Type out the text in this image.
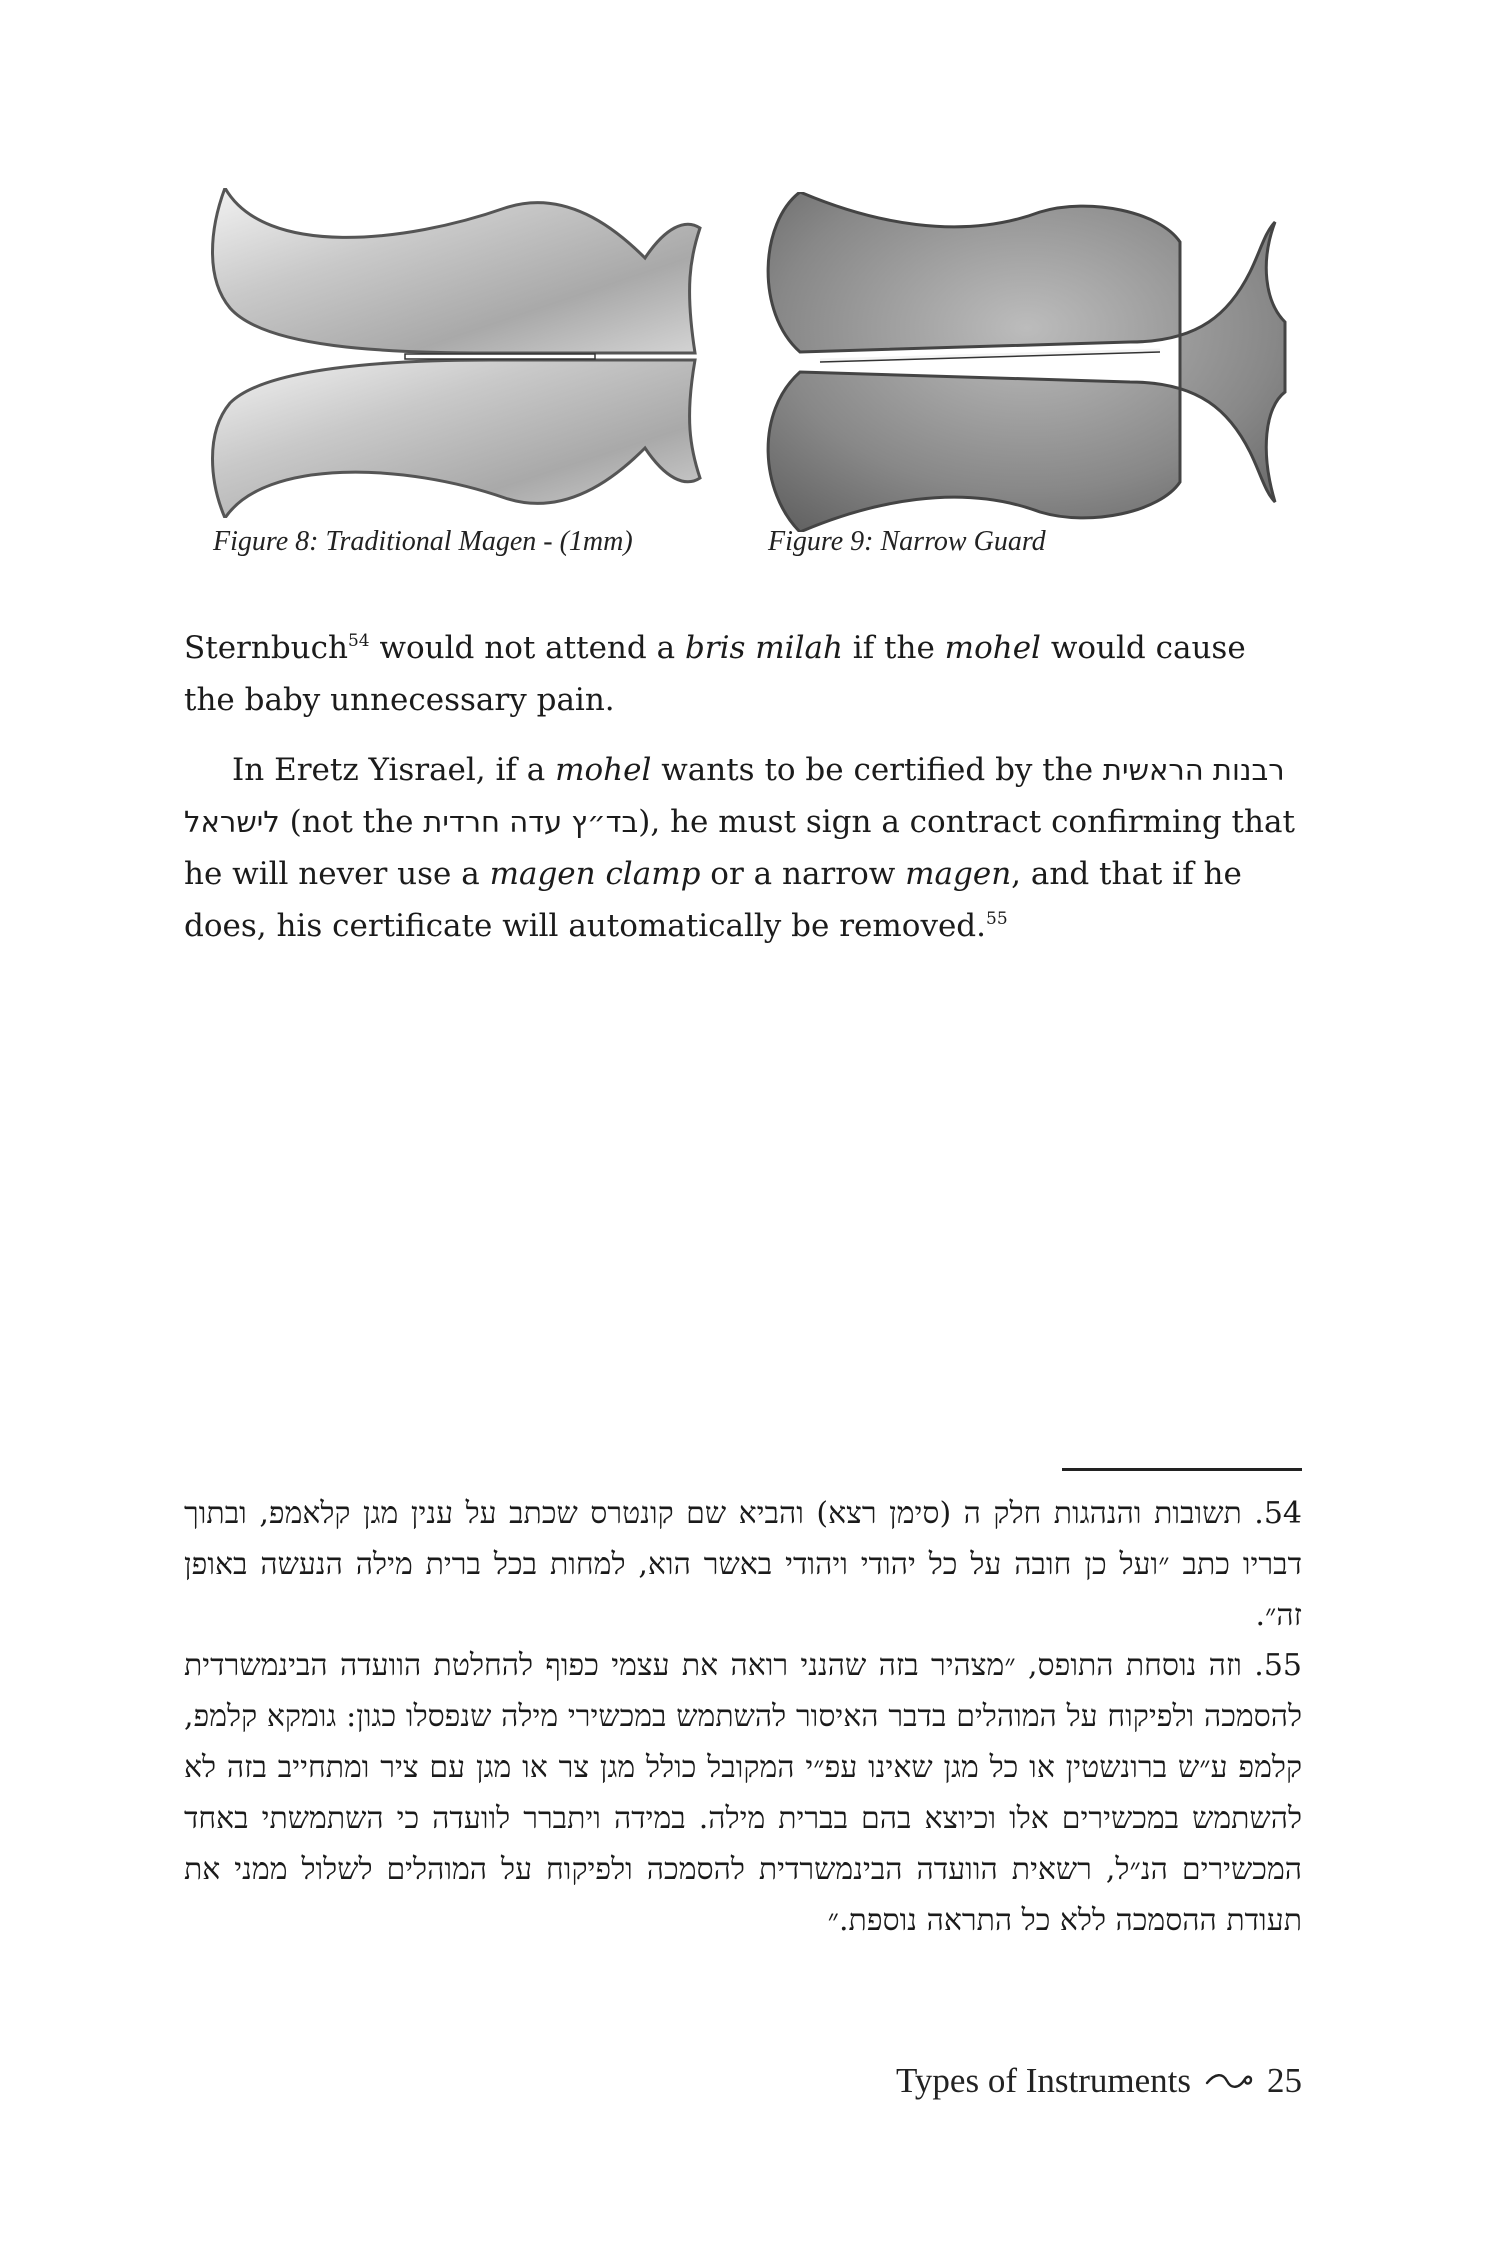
Figure 8: Traditional Magen - (1mm)	Figure 9: Narrow Guard
Sternbuch$^{54}$ would not attend a bris milah if the mohel would cause the baby unnecessary pain.
In Eretz Yisrael, if a mohel wants to be certified by the רבנות הראשית לישראל (not the בד״ץ עדה חרדית), he must sign a contract confirming that he will never use a magen clamp or a narrow magen, and that if he does, his certificate will automatically be removed.$^{55}$
54. תשובות והנהגות חלק ה (סימן רצא) והביא שם קונטרס שכתב על ענין מגן קלאמפ, ובתוך דבריו כתב ״ועל כן חובה על כל יהודי ויהודי באשר הוא, למחות בכל ברית מילה הנעשה באופן זה״.
55. וזה נוסחת התופס, ״מצהיר בזה שהנני רואה את עצמי כפוף להחלטת הוועדה הבינמשרדית להסמכה ולפיקוח על המוהלים בדבר האיסור להשתמש במכשירי מילה שנפסלו כגון: גומקא קלמפ, קלמפ ע״ש ברונשטין או כל מגן שאינו עפ״י המקובל כולל מגן צר או מגן עם ציר ומתחייב בזה לא להשתמש במכשירים אלו וכיוצא בהם בברית מילה. במידה ויתברר לוועדה כי השתמשתי באחד המכשירים הנ״ל, רשאית הוועדה הבינמשרדית להסמכה ולפיקוח על המוהלים לשלול ממני את תעודת ההסמכה ללא כל התראה נוספת.״
Types of Instruments 25
